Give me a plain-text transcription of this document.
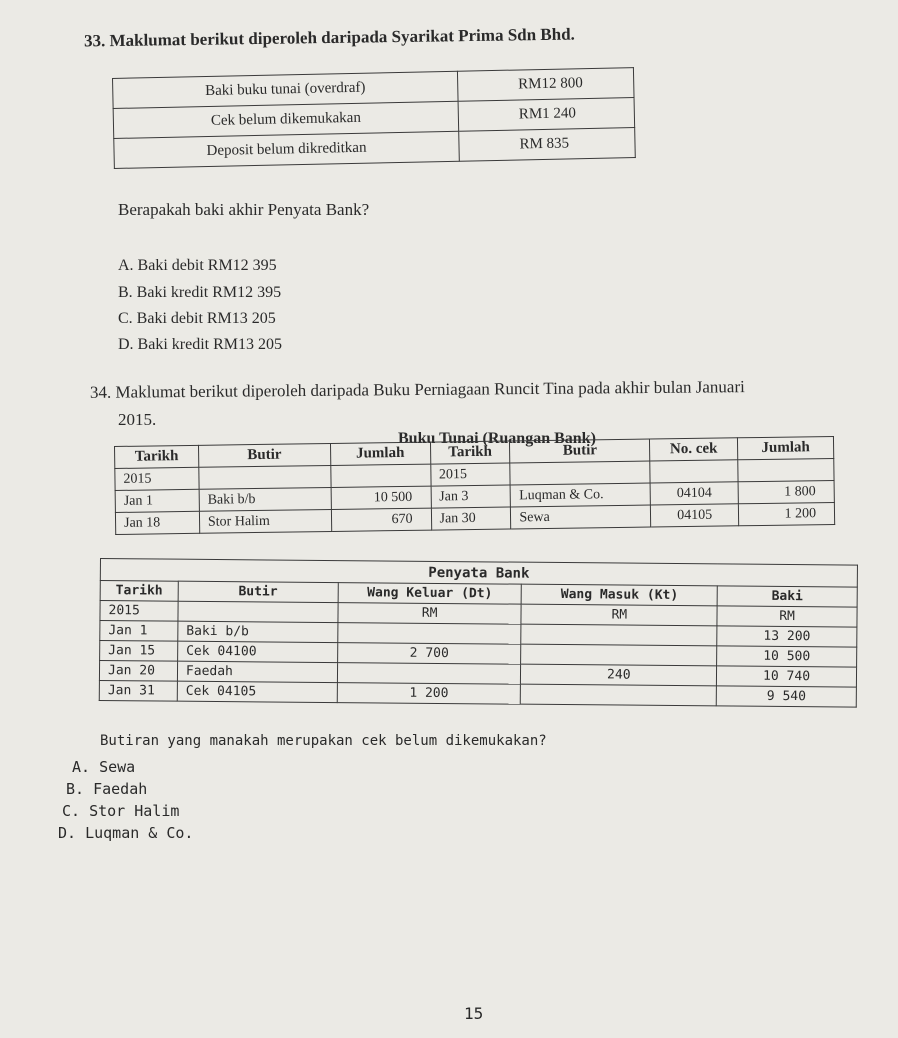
33. Maklumat berikut diperoleh daripada Syarikat Prima Sdn Bhd.
Baki buku tunai (overdraf)	RM12 800
Cek belum dikemukakan	RM1 240
Deposit belum dikreditkan	RM 835
Berapakah baki akhir Penyata Bank?
A. Baki debit RM12 395
B. Baki kredit RM12 395
C. Baki debit RM13 205
D. Baki kredit RM13 205
34. Maklumat berikut diperoleh daripada Buku Perniagaan Runcit Tina pada akhir bulan Januari
2015.
Buku Tunai (Ruangan Bank)
Tarikh	Butir	Jumlah	Tarikh	Butir	No. cek	Jumlah
2015			2015			
Jan 1	Baki b/b	10 500	Jan 3	Luqman & Co.	04104	1 800
Jan 18	Stor Halim	670	Jan 30	Sewa	04105	1 200
Penyata Bank				
Tarikh	Butir	Wang Keluar (Dt)	Wang Masuk (Kt)	Baki
2015		RM	RM	RM
Jan 1	Baki b/b			13 200
Jan 15	Cek 04100	2 700		10 500
Jan 20	Faedah		240	10 740
Jan 31	Cek 04105	1 200		9 540
Butiran yang manakah merupakan cek belum dikemukakan?
A. Sewa
B. Faedah
C. Stor Halim
D. Luqman & Co.
15
